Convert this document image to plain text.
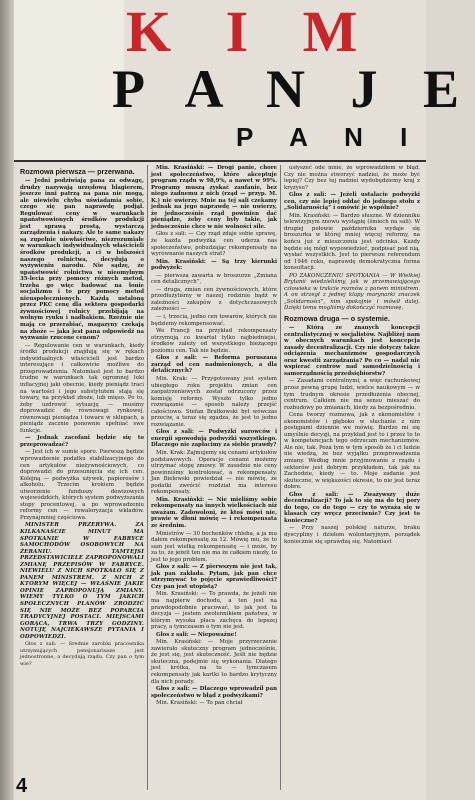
K I M
P A N J E
P A N I

Rozmowa pierwsza — przerwana.

— Jedni podziwiają pana za odwagę, drudzy nazywają urzędową blagierem, jeszcze inni patrzą na pana nie mogą, ale niewielu chyba uświadamia sobie, czego się pan naprawdę podjął. Regulować ceny w warunkach upaństwowionych środków produkcji jest sprawą prostą, wystarczą zarządzenia i nakazy. Ale te same nakazy są zupełnie niewłaściwe, niezrozumiałe w warunkach indywidualnych właścicieli środków produkcji, a ci w bolszości naszego rolnictwa, decydują o wyżywieniu narodu. Nie sądzę, że upaństwowić rolnictwa w nieomylnym 35-lecia przy pomocy różnych metod, trzeba go więc badować na łonie socjalizmu i to przy pomocy metod nieuspołecznionych. Każdą ustaloną przez PKC cenę dla sektora gospodarki żywnościowej rolnicy przebijają na wolnym rynku i nadbakiem. Rzeźnie nie mają co przerabiać, magazyny czekają na zboże — jaka jest pana odpowiedź na wyzwanie rzucone cenom?

— Regulowanie cen w warunkach, kiedy środki produkcji znajdują się w rękach indywidualnych właścicieli jest bardzo interesujące i całkowicie możliwe do przeprowadzenia. Natomiast jest to bardzo trudne w warunkach tak ogromnej luki inflacyjnej jaki obecnie, kiedy pieniądz traci na wartości i jego substytutem stają się towary, na przykład zboże, lub mięso. Po to, żeby uzdrowić sytuację — musimy doprowadzić do równowagi rynkowej, równowagi pieniądza i towaru w sklepach, a pieniądz zacznie ponownie spełniać swe funkcje.

— Jednak zacofani będzie się to przeprowadzać?

— Jest ich w sumie sporo. Pierwszą będzie wprowadzenie podatku stabilizacyjnego do cen artykułów nieżywnościowych, co doprowadzi do przesunięcia się ich cen. Kolejną — podwyżka używek, papierosów i alkoholu. Trzecim krokiem będzie utworzenie funduszy dewizowych wojewódzkich, których system podwyższania stopy procentowej, a po wprowadzeniu reformy cen — rewaloryzacja wkładów. Przynajmniej częściowa.

MINISTER PRZERYWA. ZA KILKANAŚCIE MINUT MA SPOTKANIE W FABRYCE SAMOCHODÓW OSOBOWYCH NA ŻERANIU. TAMTEJSI PRZEDSTAWICIELE ZAPROPONOWALI ZMIANĘ PRZEPISÓW W FABRYCE. NIEWIELU Z NICH SPOTKAŁO SIĘ Z PANEM MINISTREM. Z NICH Z KTÓRYM WIĘCEJ — WŁAŚNIE JAKIE OPINIE ZAPROPONUJĄ ZMIANY. WIEMY TYLKO O TYM JAKICH SPOŁECZNYCH PLANÓW ZRODZIĆ SIĘ NIE MOŻE BEZ POPARCIA TRADYCYJNEJ POSTACI. MIEJSCAMI GORĄCA, TRWA TRZY GODZINY. NOTUJĘ NAJCIEKAWSZE PYTANIA I ODPOWIEDZI.

Głos z sali: — Srednie zarobki pracownika utrzymujących pensjonariusze jest jednostronne, a decydują rządu. Czy pan o tym wie?

Min. Krasiński: — Drogi panie, chore jest społeczeństwo, które akceptuje program rządu w 98,9%, a nawet w 99%. Programy muszą zyskać zaufanie, bez niego żadnemu z nich (rząd — przyp. M. K.) nie uwierzy. Mnie na tej sali czekamy jednak na jego naprawdę — nie uwierzy, że jednocześnie rząd powinien dać pieniądze, żeby ceny były takie, jak jednocześnie chce w nie wolności sile.

Głos z sali: — Czy rząd zdaje sobie sprawę, że każda podwyżka cen uderza nas społeczeństwo, pobudzając rekompensaty na wyrównanie naszych strat?

Min. Krasiński: — Są trzy kierunki podwyżek:

— pierwsza zawarta w broszurze „Zmiana cen detalicznych”,

— druga, zmian cen żywnościowych, które przedłużyliśmy w naszej rodzinie bądź w zależności zakupów z dotychczasowych zależności —

— i, trzecia, jedno cen towarów, których nie będziemy rekompensować.

We Francji na przykład rekompensaty otrzymują co kwartał tylko najbiedniejsi, środków zależy od wszystkiego bieżącego poziomu cen. Tak nie będzie.

Głos z sali: — Reforma poruszana zarząd od cen nadmienionych, a dla detalicznych?

Min. Krak: — Przygotowany jest system ubiegłego roku projektu zmian cen zaopatrzeniowych został odrzucony przez komisję reformy. Wyszło tylko jedno rozwiązanie — sposób należy przejść całościowo. Stefan Bratkowski był wówczas przeciw, a teraz się zgadza, że jest to jedno rozwiązanie.

Głos z sali: — Podwyżki surowców i energii spowodują podwyżki wszystkiego. Dlaczego nie zapłacimy za siebie prawdy?

Min. Krak: Zajmujemy się cenami artykułów podstawowych. Operacje cenami możemy utrzymać stopę zmowy. W zasadzie nie ceny powinniśmy kontrolować, a rekompensaty. Jan Bielewski powiedział — nie mówię, że podatki zwrócić rozdział ma interesu rekompensaty.

Min. Krasiński: — Nie mieliśmy sobie rekompensaty na innych wielkościach niż uważam. Zadowoloni, że ktoś mówi nie, prawie w dłoni mówię — i rekompensata ze średnim.

Ministrów — 30 bochenków chleba, a ja mu dałem rekompensatę za 12. Mówię mu, że to sam jest wielką rekompensatę — i może, by za to, że jeżeli ten nie ma że całkiem niezły, to jest to jego problem.

Głos z sali: — Z pierwszym nie jest tak, jak pan zakłada. Pytam, jak pan chce utrzymywać to pojęcie sprawiedliwości? Czy pan jest utopistą?

Min. Krasiński: — To prawda, że jeżeli nie ma najpierw dochodu, a ten jest na prawdopodobnie pracować, to jak jest ta decyzja — jestem zwolennikiem państwa, w którym wysoka płaca zachęca do lepszej pracy, a tymczasem o tym nie jest.

Głos z sali: — Niepoważne!

Min. Krasiński: — Moje przyrzeczenie zawierało skuteczny program jednocześnie, że jest się, jest skuteczność. Jeśli nie będzie skuteczna, podejmie się wykonania. Dlatego jest krótka, na to — tymczasem rekompensaty jak kartki to bardzo krytyczny dla nich porady.

Głos z sali: — Dlaczego wprowadził pan społeczeństwo w błąd z podwyżkami?

Min. Krasiński: — To pan chciał

usłyszeć ode mnie, że wprowadziłem w błąd. Czy nie można stworzyć nadziei, że może być lepiej? Czy bez tej nadziei wydobędziemy kraj z kryzysu?

Głos z sali: — Jeżeli ustalacie podwyżki cen, czy nie lepiej oddać do jednego stołu z „Solidarnością” i omówić je wspólnie?

Min. Krasiński: — Bardzo słuszne. W dzienniku telewizyjnym znowu wystąpię (śmiech na sali). W drugiej połowie października wydaje się broszurka w której mniej więcej reformy, na końcu już z mieszczenia jest odcinka. Każdy będzie się mógł wypowiedzieć, podpisać pod nią, wysłać wszystkich. Jest to pierwsze referendum od 1946 roku, naprawdę demokratyczna forma konsultacji.

PO ZAKOŃCZENIU SPOTKANIA — W Wielkiej Brytanii wiedzieliśmy, jak w przemawiającego człowieka w trakcie rozmów z panem ministrem. A on strzegł z jednej klapy marynarki znaczek „Solidarności”, nim spokojnie i mówił dalej. Dzięki temu mogliśmy dokończyć rozmowę.

Rozmowa druga — o systemie.

— Którą ze znanych koncepcji centralistycznej w socjalistów. Najbliżej nam w obecnych warunkach jest koncepcja zasady decentralizacji. Czy nie dotyczy także odciążenia mechanizmów gospodarczych oraz kwestii zarządzania? Po co — nadal nie wspierać centrów nad samodzielnością i samorządnością przedsiębiorstw?

— Zasadami centralnymi, a więc rachunkowej przez pewną grupę ludzi, wielce naukowym — w tym trudnym okresie przedłużenia obecnej, centrum. Całkiem nie ma sensu mieszać do rozbudowy po zmianach, kiedy za bezpośrednio.

Cena tworzy rozmowa, jak z ekonomistów i ekonomistów i głęboko w słuchanie z nim postępami dziennie we mówię. Bardzo mi się umyślnie decyzji, na przykład jest to i przez to to w kompetencjach tego odrzucam mechanizmów. Ale nie, tak. Poza tym w tym sposób że i ci ludzie nie wiedzą, że bez wyjątku przeprowadzenia zmiany. Według mnie przyjmowanie z rządu i sektorów jest dobrym przykładem, tak jak na Zachodzie, kiedy — to. Moje zadanie jest skuteczne, w większości okresie, to nie jest teraz dobre.

Głos z sali: — Zważywszy duże decentralizacji? To jak to się ma do tej pory do tego, co do tego — czy to wyraża się w klasach czy wręcz przeciwnie? Czy jest to konieczne?

— Przy naszej polskiej naturze, braku dyscypliny i dziełom wolontaryjnym, porządek koniecznie się sprawdzą się. Natomiast

4
